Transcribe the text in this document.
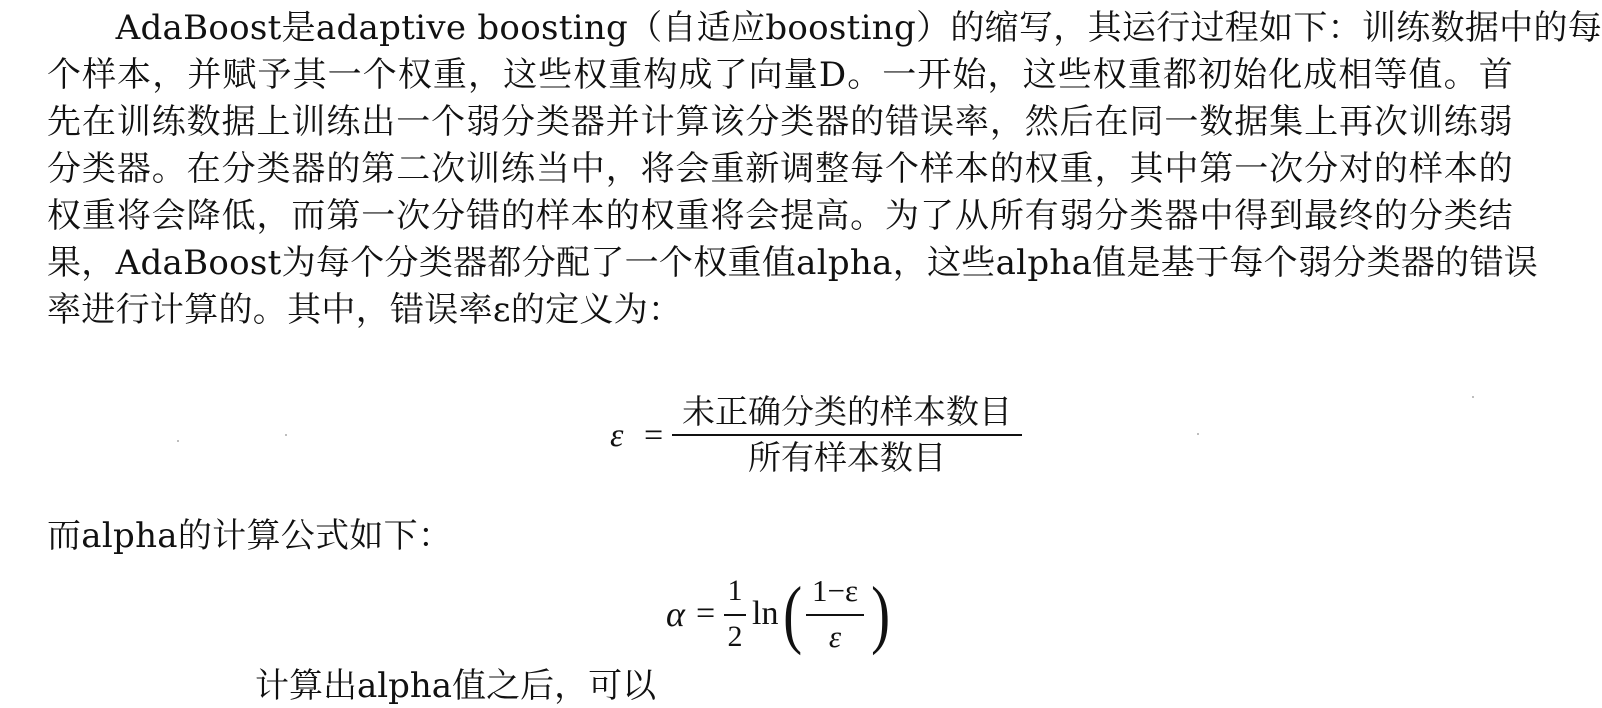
　　AdaBoost是adaptive boosting（自适应boosting）的缩写，其运行过程如下：训练数据中的每
个样本，并赋予其一个权重，这些权重构成了向量D。一开始，这些权重都初始化成相等值。首
先在训练数据上训练出一个弱分类器并计算该分类器的错误率，然后在同一数据集上再次训练弱
分类器。在分类器的第二次训练当中，将会重新调整每个样本的权重，其中第一次分对的样本的
权重将会降低，而第一次分错的样本的权重将会提高。为了从所有弱分类器中得到最终的分类结
果，AdaBoost为每个分类器都分配了一个权重值alpha，这些alpha值是基于每个弱分类器的错误
率进行计算的。其中，错误率ε的定义为：
ε =
未正确分类的样本数目
所有样本数目
而alpha的计算公式如下：
α =
1
2
ln ( 1−ε
ε )
计算出alpha值之后，可以
